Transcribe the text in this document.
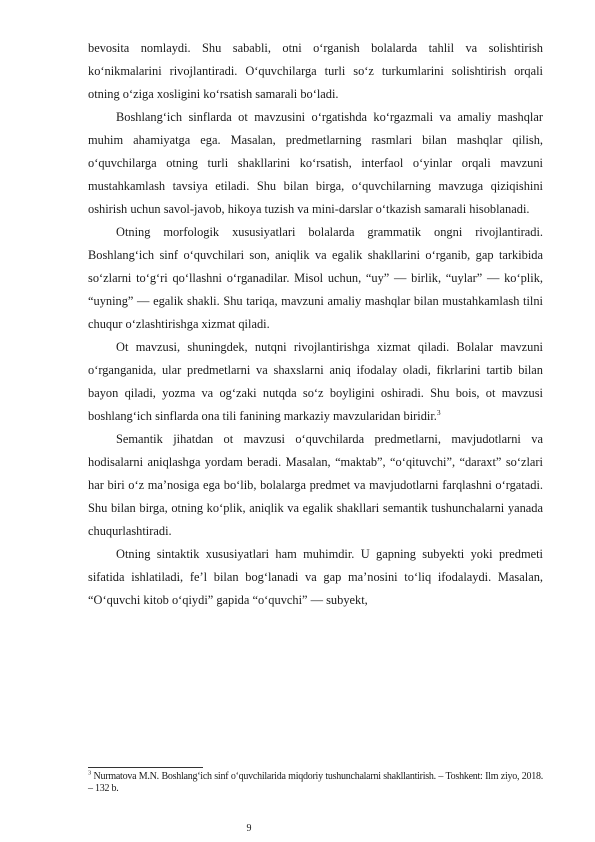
bevosita nomlaydi. Shu sababli, otni o‘rganish bolalarda tahlil va solishtirish ko‘nikmalarini rivojlantiradi. O‘quvchilarga turli so‘z turkumlarini solishtirish orqali otning o‘ziga xosligini ko‘rsatish samarali bo‘ladi.

Boshlang‘ich sinflarda ot mavzusini o‘rgatishda ko‘rgazmali va amaliy mashqlar muhim ahamiyatga ega. Masalan, predmetlarning rasmlari bilan mashqlar qilish, o‘quvchilarga otning turli shakllarini ko‘rsatish, interfaol o‘yinlar orqali mavzuni mustahkamlash tavsiya etiladi. Shu bilan birga, o‘quvchilarning mavzuga qiziqishini oshirish uchun savol-javob, hikoya tuzish va mini-darslar o‘tkazish samarali hisoblanadi.

Otning morfologik xususiyatlari bolalarda grammatik ongni rivojlantiradi. Boshlang‘ich sinf o‘quvchilari son, aniqlik va egalik shakllarini o‘rganib, gap tarkibida so‘zlarni to‘g‘ri qo‘llashni o‘rganadilar. Misol uchun, “uy” — birlik, “uylar” — ko‘plik, “uyning” — egalik shakli. Shu tariqa, mavzuni amaliy mashqlar bilan mustahkamlash tilni chuqur o‘zlashtirishga xizmat qiladi.

Ot mavzusi, shuningdek, nutqni rivojlantirishga xizmat qiladi. Bolalar mavzuni o‘rganganida, ular predmetlarni va shaxslarni aniq ifodalay oladi, fikrlarini tartib bilan bayon qiladi, yozma va og‘zaki nutqda so‘z boyligini oshiradi. Shu bois, ot mavzusi boshlang‘ich sinflarda ona tili fanining markaziy mavzularidan biridir.$^3$

Semantik jihatdan ot mavzusi o‘quvchilarda predmetlarni, mavjudotlarni va hodisalarni aniqlashga yordam beradi. Masalan, “maktab”, “o‘qituvchi”, “daraxt” so‘zlari har biri o‘z ma’nosiga ega bo‘lib, bolalarga predmet va mavjudotlarni farqlashni o‘rgatadi. Shu bilan birga, otning ko‘plik, aniqlik va egalik shakllari semantik tushunchalarni yanada chuqurlashtiradi.

Otning sintaktik xususiyatlari ham muhimdir. U gapning subyekti yoki predmeti sifatida ishlatiladi, fe’l bilan bog‘lanadi va gap ma’nosini to‘liq ifodalaydi. Masalan, “O‘quvchi kitob o‘qiydi” gapida “o‘quvchi” — subyekt,

$^3$ Nurmatova M.N. Boshlang‘ich sinf o‘quvchilarida miqdoriy tushunchalarni shakllantirish. – Toshkent: Ilm ziyo, 2018. – 132 b.

9
